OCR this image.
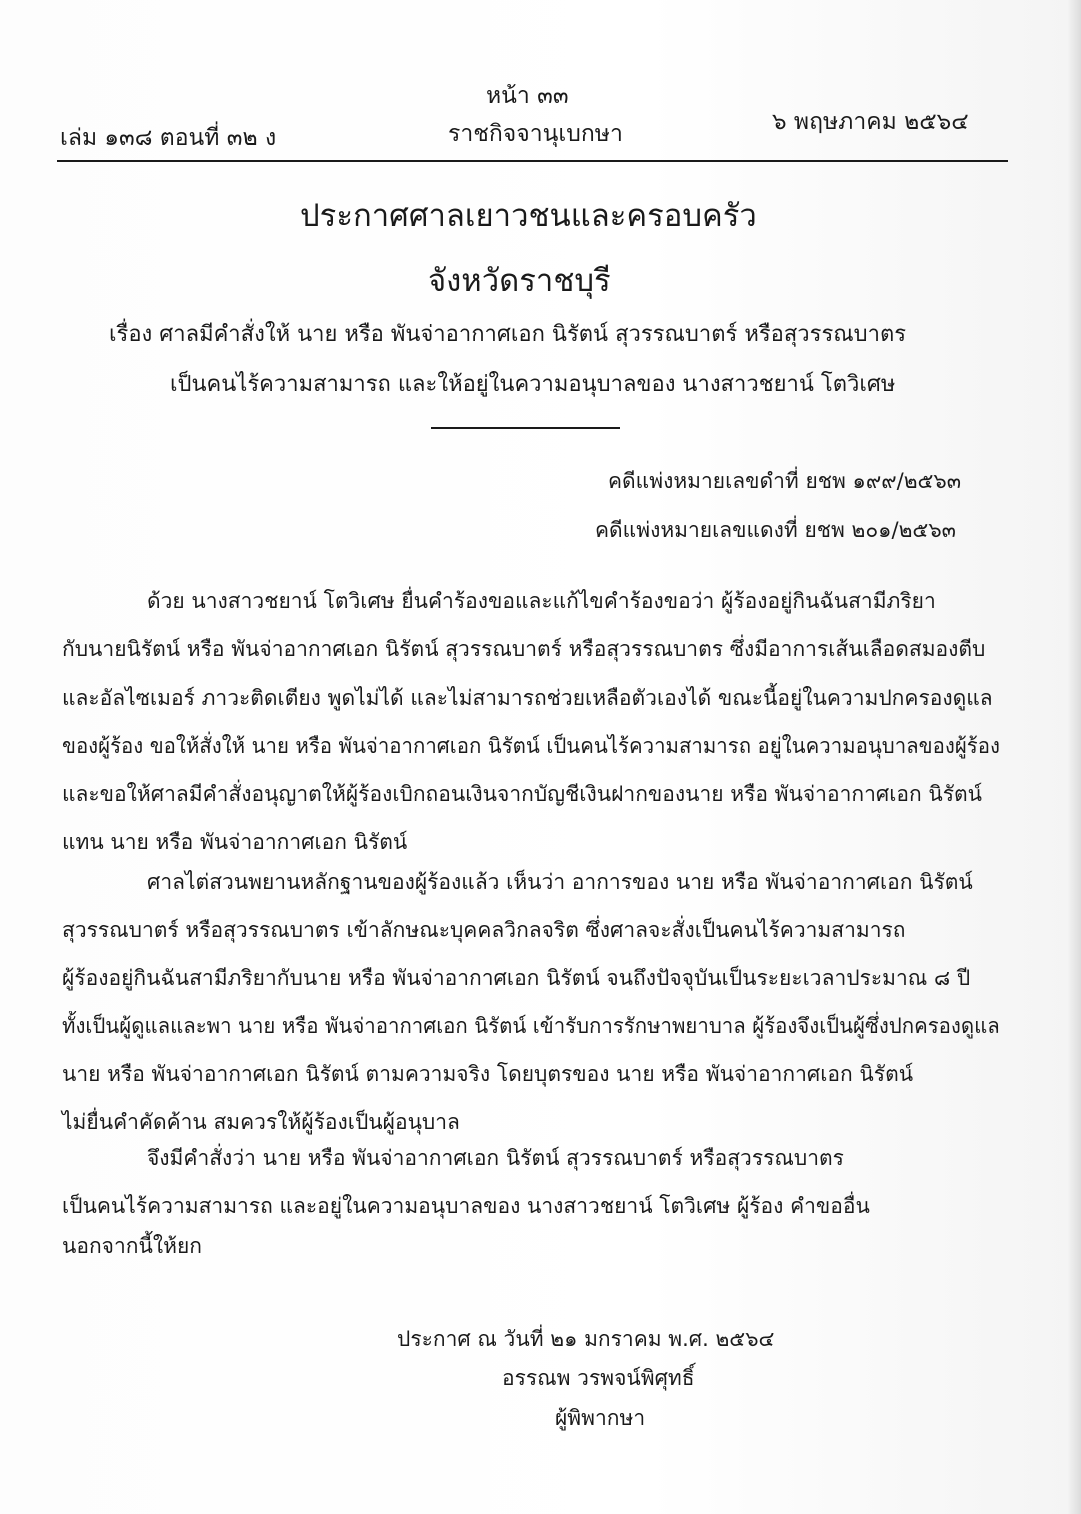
หน้า ๓๓
เล่ม ๑๓๘ ตอนที่ ๓๒ ง	ราชกิจจานุเบกษา	๖ พฤษภาคม ๒๕๖๔
ประกาศศาลเยาวชนและครอบครัว
จังหวัดราชบุรี
เรื่อง ศาลมีคำสั่งให้ นาย หรือ พันจ่าอากาศเอก นิรัตน์ สุวรรณบาตร์ หรือสุวรรณบาตร
เป็นคนไร้ความสามารถ และให้อยู่ในความอนุบาลของ นางสาวชยาน์ โตวิเศษ
คดีแพ่งหมายเลขดำที่ ยชพ ๑๙๙/๒๕๖๓
คดีแพ่งหมายเลขแดงที่ ยชพ ๒๐๑/๒๕๖๓
ด้วย นางสาวชยาน์ โตวิเศษ ยื่นคำร้องขอและแก้ไขคำร้องขอว่า ผู้ร้องอยู่กินฉันสามีภริยา
กับนายนิรัตน์ หรือ พันจ่าอากาศเอก นิรัตน์ สุวรรณบาตร์ หรือสุวรรณบาตร ซึ่งมีอาการเส้นเลือดสมองตีบ
และอัลไซเมอร์ ภาวะติดเตียง พูดไม่ได้ และไม่สามารถช่วยเหลือตัวเองได้ ขณะนี้อยู่ในความปกครองดูแล
ของผู้ร้อง ขอให้สั่งให้ นาย หรือ พันจ่าอากาศเอก นิรัตน์ เป็นคนไร้ความสามารถ อยู่ในความอนุบาลของผู้ร้อง
และขอให้ศาลมีคำสั่งอนุญาตให้ผู้ร้องเบิกถอนเงินจากบัญชีเงินฝากของนาย หรือ พันจ่าอากาศเอก นิรัตน์
แทน นาย หรือ พันจ่าอากาศเอก นิรัตน์
ศาลไต่สวนพยานหลักฐานของผู้ร้องแล้ว เห็นว่า อาการของ นาย หรือ พันจ่าอากาศเอก นิรัตน์
สุวรรณบาตร์ หรือสุวรรณบาตร เข้าลักษณะบุคคลวิกลจริต ซึ่งศาลจะสั่งเป็นคนไร้ความสามารถ
ผู้ร้องอยู่กินฉันสามีภริยากับนาย หรือ พันจ่าอากาศเอก นิรัตน์ จนถึงปัจจุบันเป็นระยะเวลาประมาณ ๘ ปี
ทั้งเป็นผู้ดูแลและพา นาย หรือ พันจ่าอากาศเอก นิรัตน์ เข้ารับการรักษาพยาบาล ผู้ร้องจึงเป็นผู้ซึ่งปกครองดูแล
นาย หรือ พันจ่าอากาศเอก นิรัตน์ ตามความจริง โดยบุตรของ นาย หรือ พันจ่าอากาศเอก นิรัตน์
ไม่ยื่นคำคัดค้าน สมควรให้ผู้ร้องเป็นผู้อนุบาล
จึงมีคำสั่งว่า นาย หรือ พันจ่าอากาศเอก นิรัตน์ สุวรรณบาตร์ หรือสุวรรณบาตร
เป็นคนไร้ความสามารถ และอยู่ในความอนุบาลของ นางสาวชยาน์ โตวิเศษ ผู้ร้อง คำขออื่น
นอกจากนี้ให้ยก
ประกาศ ณ วันที่ ๒๑ มกราคม พ.ศ. ๒๕๖๔
อรรณพ วรพจน์พิศุทธิ์
ผู้พิพากษา
